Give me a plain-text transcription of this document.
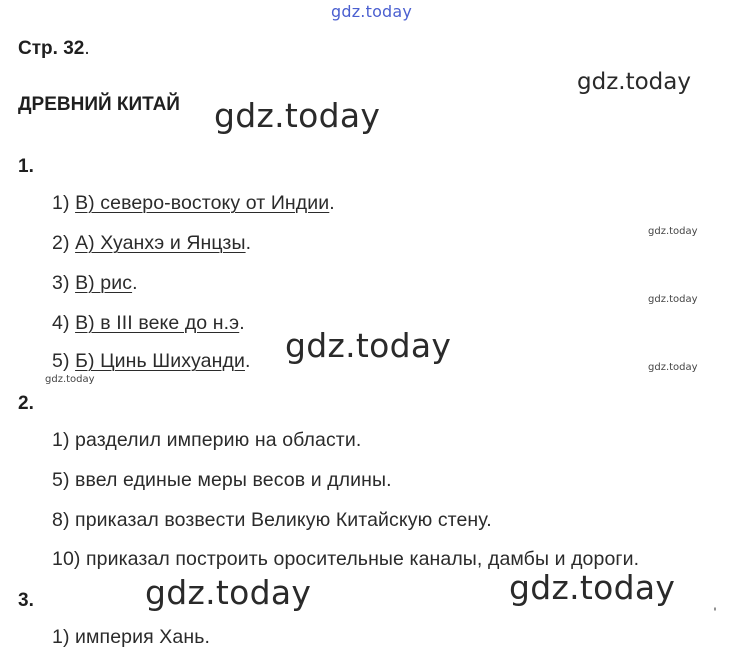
gdz.today
gdz.today
gdz.today
gdz.today
gdz.today
gdz.today
gdz.today
gdz.today
gdz.today	gdz.today
ˈ
Стр. 32.
ДРЕВНИЙ КИТАЙ
1.
1) В) северо-востоку от Индии.
2) А) Хуанхэ и Янцзы.
3) В) рис.
4) В) в III веке до н.э.
5) Б) Цинь Шихуанди.
2.
1) разделил империю на области.
5) ввел единые меры весов и длины.
8) приказал возвести Великую Китайскую стену.
10) приказал построить оросительные каналы, дамбы и дороги.
3.
1) империя Хань.
